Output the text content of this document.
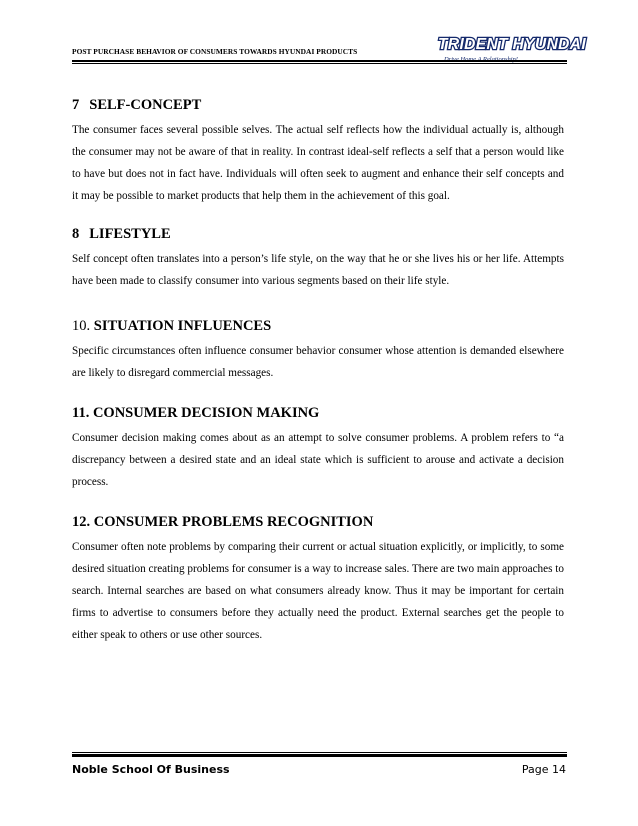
POST PURCHASE BEHAVIOR OF CONSUMERS TOWARDS HYUNDAI PRODUCTS	TRIDENT HYUNDAI
7 SELF-CONCEPT

The consumer faces several possible selves. The actual self reflects how the individual actually is, although the consumer may not be aware of that in reality. In contrast ideal-self reflects a self that a person would like to have but does not in fact have. Individuals will often seek to augment and enhance their self concepts and it may be possible to market products that help them in the achievement of this goal.

8 LIFESTYLE

Self concept often translates into a person’s life style, on the way that he or she lives his or her life. Attempts have been made to classify consumer into various segments based on their life style.

10. SITUATION INFLUENCES

Specific circumstances often influence consumer behavior consumer whose attention is demanded elsewhere are likely to disregard commercial messages.

11. CONSUMER DECISION MAKING

Consumer decision making comes about as an attempt to solve consumer problems. A problem refers to “a discrepancy between a desired state and an ideal state which is sufficient to arouse and activate a decision process.

12. CONSUMER PROBLEMS RECOGNITION

Consumer often note problems by comparing their current or actual situation explicitly, or implicitly, to some desired situation creating problems for consumer is a way to increase sales. There are two main approaches to search. Internal searches are based on what consumers already know. Thus it may be important for certain firms to advertise to consumers before they actually need the product. External searches get the people to either speak to others or use other sources.

Noble School Of Business	Page 14
